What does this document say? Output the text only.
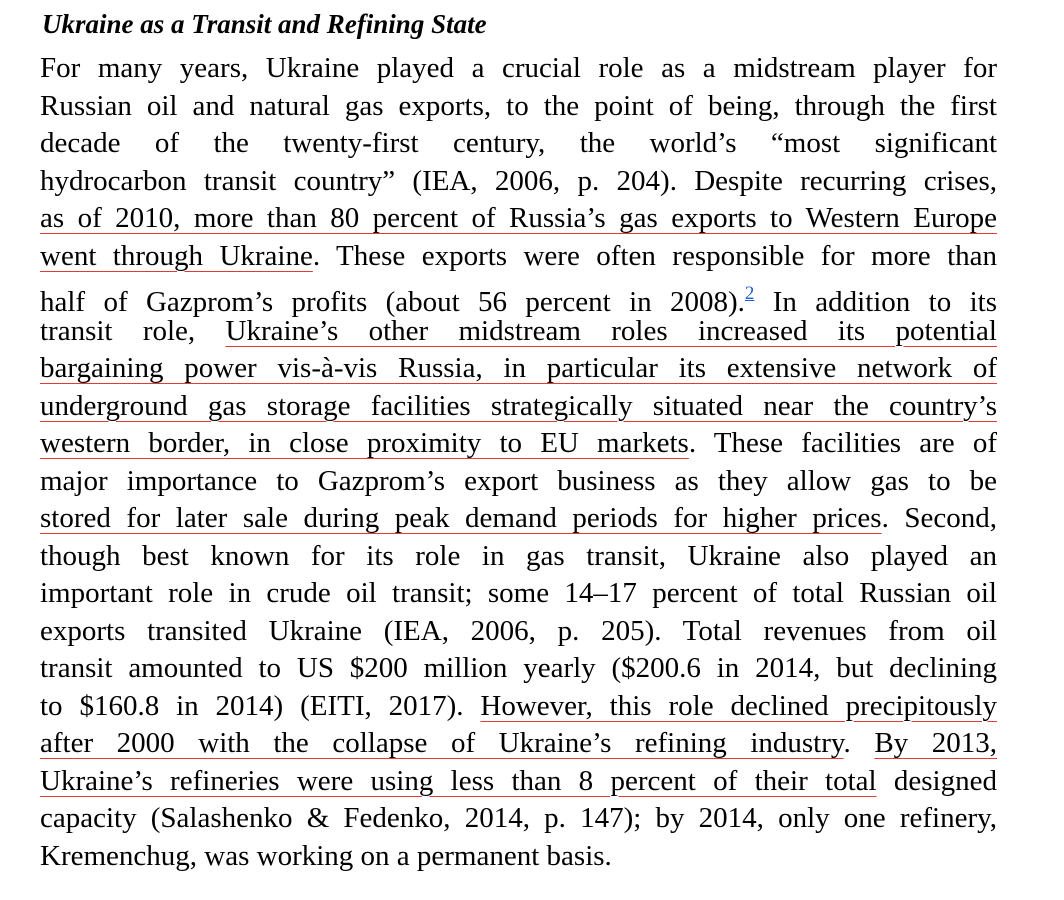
Ukraine as a Transit and Refining State
For many years, Ukraine played a crucial role as a midstream player for
Russian oil and natural gas exports, to the point of being, through the first
decade of the twenty-first century, the world’s “most significant
hydrocarbon transit country” (IEA, 2006, p. 204). Despite recurring crises,
as of 2010, more than 80 percent of Russia’s gas exports to Western Europe
went through Ukraine. These exports were often responsible for more than
half of Gazprom’s profits (about 56 percent in 2008).$^2$ In addition to its
transit role, Ukraine’s other midstream roles increased its potential
bargaining power vis-à-vis Russia, in particular its extensive network of
underground gas storage facilities strategically situated near the country’s
western border, in close proximity to EU markets. These facilities are of
major importance to Gazprom’s export business as they allow gas to be
stored for later sale during peak demand periods for higher prices. Second,
though best known for its role in gas transit, Ukraine also played an
important role in crude oil transit; some 14–17 percent of total Russian oil
exports transited Ukraine (IEA, 2006, p. 205). Total revenues from oil
transit amounted to US $200 million yearly ($200.6 in 2014, but declining
to $160.8 in 2014) (EITI, 2017). However, this role declined precipitously
after 2000 with the collapse of Ukraine’s refining industry. By 2013,
Ukraine’s refineries were using less than 8 percent of their total designed
capacity (Salashenko & Fedenko, 2014, p. 147); by 2014, only one refinery,
Kremenchug, was working on a permanent basis.
